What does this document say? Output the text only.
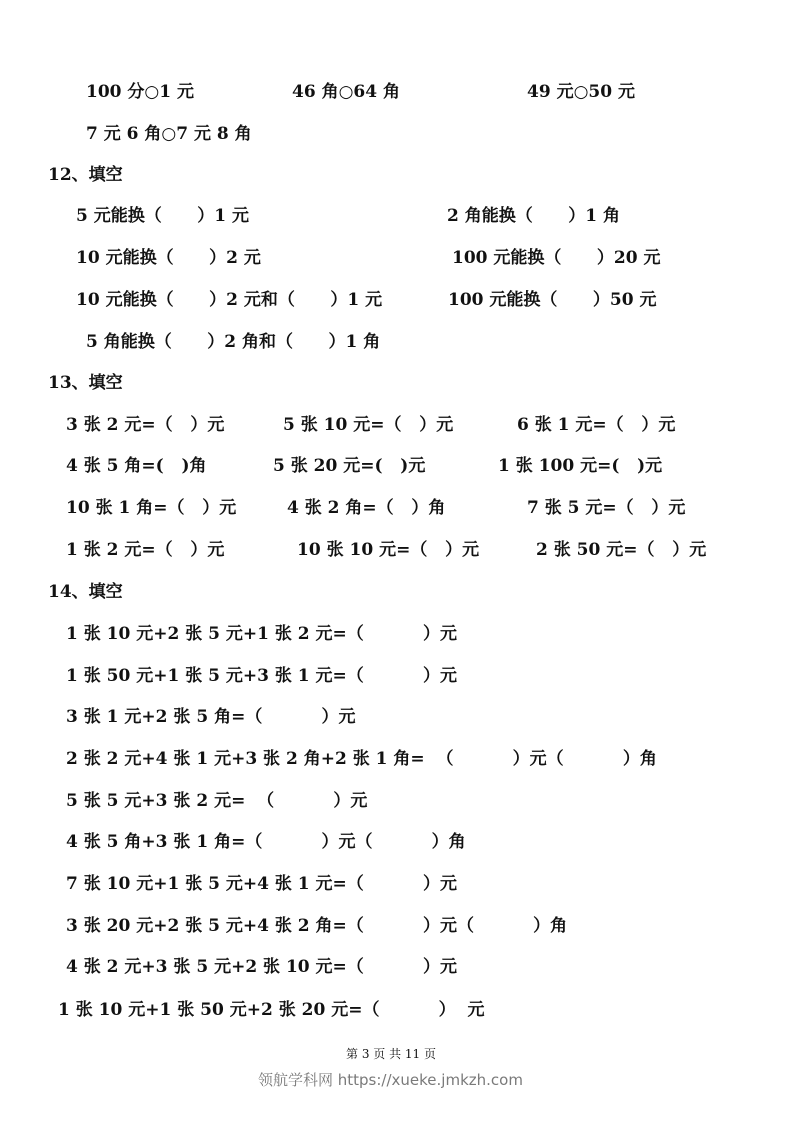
100 分○1 元	46 角○64 角	49 元○50 元
7 元 6 角○7 元 8 角
12、填空
5 元能换（      ）1 元	2 角能换（      ）1 角
10 元能换（      ）2 元	100 元能换（      ）20 元
10 元能换（      ）2 元和（      ）1 元	100 元能换（      ）50 元
5 角能换（      ）2 角和（      ）1 角
13、填空
3 张 2 元=（   ）元	5 张 10 元=（   ）元	6 张 1 元=（   ）元
4 张 5 角=(   )角	5 张 20 元=(   )元	1 张 100 元=(   )元
10 张 1 角=（   ）元	4 张 2 角=（   ）角	7 张 5 元=（   ）元
1 张 2 元=（   ）元	10 张 10 元=（   ）元	2 张 50 元=（   ）元
14、填空
1 张 10 元+2 张 5 元+1 张 2 元=（          ）元
1 张 50 元+1 张 5 元+3 张 1 元=（          ）元
3 张 1 元+2 张 5 角=（          ）元
2 张 2 元+4 张 1 元+3 张 2 角+2 张 1 角=  （          ）元（          ）角
5 张 5 元+3 张 2 元=  （          ）元
4 张 5 角+3 张 1 角=（          ）元（          ）角
7 张 10 元+1 张 5 元+4 张 1 元=（          ）元
3 张 20 元+2 张 5 元+4 张 2 角=（          ）元（          ）角
4 张 2 元+3 张 5 元+2 张 10 元=（          ）元
1 张 10 元+1 张 50 元+2 张 20 元=（          ）  元
第 3 页 共 11 页
领航学科网 https://xueke.jmkzh.com
